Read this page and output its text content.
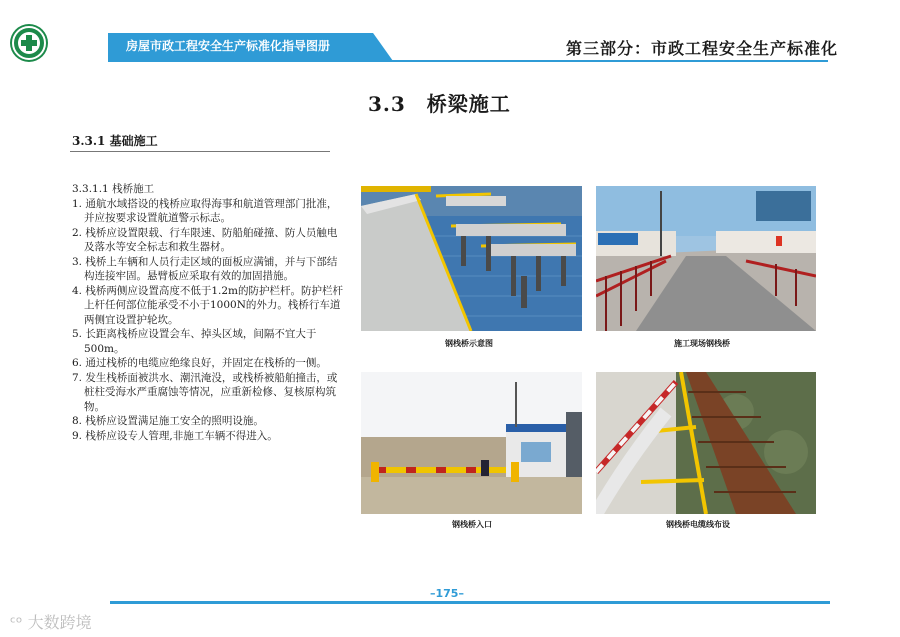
房屋市政工程安全生产标准化指导图册	第三部分：市政工程安全生产标准化
3.3　桥梁施工
3.3.1 基础施工

3.3.1.1 栈桥施工

1. 通航水域搭设的栈桥应取得海事和航道管理部门批准，并应按要求设置航道警示标志。

2. 栈桥应设置限载、行车限速、防船舶碰撞、防人员触电及落水等安全标志和救生器材。

3. 栈桥上车辆和人员行走区域的面板应满铺，并与下部结构连接牢固。悬臂板应采取有效的加固措施。

4. 栈桥两侧应设置高度不低于1.2m的防护栏杆。防护栏杆上杆任何部位能承受不小于1000N的外力。栈桥行车道两侧宜设置护轮坎。

5. 长距离栈桥应设置会车、掉头区域，间隔不宜大于500m。

6. 通过栈桥的电缆应绝缘良好，并固定在栈桥的一侧。

7. 发生栈桥面被洪水、潮汛淹没，或栈桥被船舶撞击，或桩柱受海水严重腐蚀等情况，应重新检修、复核原构筑物。

8. 栈桥应设置满足施工安全的照明设施。

9. 栈桥应设专人管理,非施工车辆不得进入。

钢栈桥示意图	施工现场钢栈桥
钢栈桥入口	钢栈桥电缆线布设
–175–
ᶜᵒ 大数跨境
